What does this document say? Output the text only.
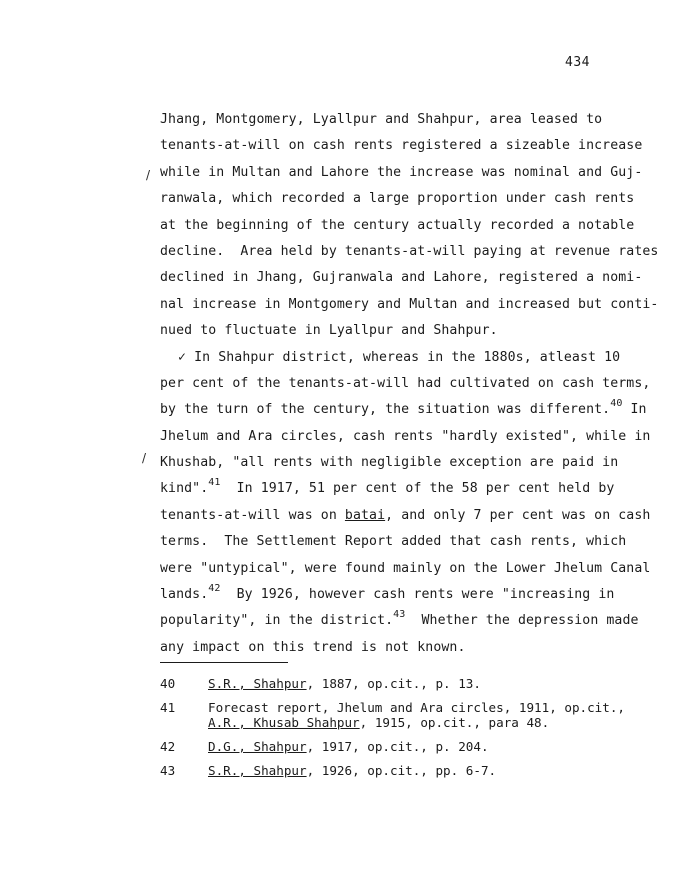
434
Jhang, Montgomery, Lyallpur and Shahpur, area leased to
tenants-at-will on cash rents registered a sizeable increase
while in Multan and Lahore the increase was nominal and Guj-
ranwala, which recorded a large proportion under cash rents
at the beginning of the century actually recorded a notable
decline.  Area held by tenants-at-will paying at revenue rates
declined in Jhang, Gujranwala and Lahore, registered a nomi-
nal increase in Montgomery and Multan and increased but conti-
nued to fluctuate in Lyallpur and Shahpur.
✓ In Shahpur district, whereas in the 1880s, atleast 10
per cent of the tenants-at-will had cultivated on cash terms,
by the turn of the century, the situation was different.$^{40}$ In
Jhelum and Ara circles, cash rents "hardly existed", while in
Khushab, "all rents with negligible exception are paid in
kind".$^{41}$  In 1917, 51 per cent of the 58 per cent held by
tenants-at-will was on batai, and only 7 per cent was on cash
terms.  The Settlement Report added that cash rents, which
were "untypical", were found mainly on the Lower Jhelum Canal
lands.$^{42}$  By 1926, however cash rents were "increasing in
popularity", in the district.$^{43}$  Whether the depression made
any impact on this trend is not known.
/
/
40	S.R., Shahpur, 1887, op.cit., p. 13.
41	Forecast report, Jhelum and Ara circles, 1911, op.cit.,
A.R., Khusab Shahpur, 1915, op.cit., para 48.
42	D.G., Shahpur, 1917, op.cit., p. 204.
43	S.R., Shahpur, 1926, op.cit., pp. 6-7.
